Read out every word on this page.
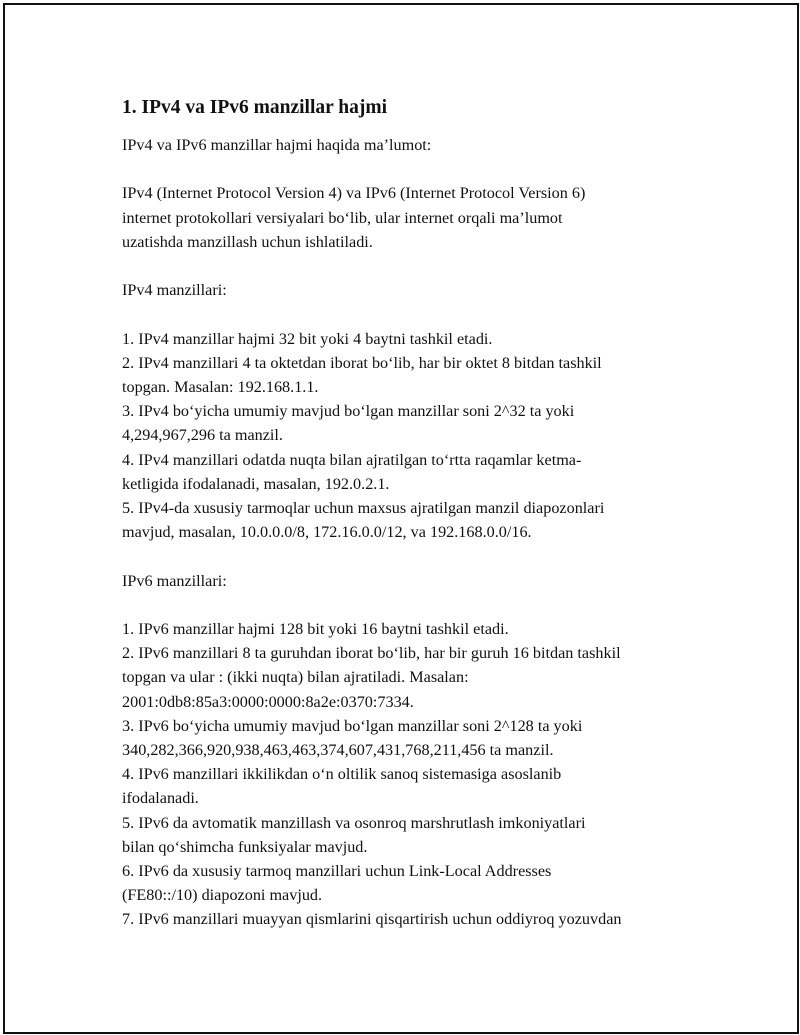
1. IPv4 va IPv6 manzillar hajmi

IPv4 va IPv6 manzillar hajmi haqida ma’lumot:

IPv4 (Internet Protocol Version 4) va IPv6 (Internet Protocol Version 6)

internet protokollari versiyalari bo‘lib, ular internet orqali ma’lumot

uzatishda manzillash uchun ishlatiladi.

IPv4 manzillari:

1. IPv4 manzillar hajmi 32 bit yoki 4 baytni tashkil etadi.

2. IPv4 manzillari 4 ta oktetdan iborat bo‘lib, har bir oktet 8 bitdan tashkil

topgan. Masalan: 192.168.1.1.

3. IPv4 bo‘yicha umumiy mavjud bo‘lgan manzillar soni 2^32 ta yoki

4,294,967,296 ta manzil.

4. IPv4 manzillari odatda nuqta bilan ajratilgan to‘rtta raqamlar ketma-

ketligida ifodalanadi, masalan, 192.0.2.1.

5. IPv4-da xususiy tarmoqlar uchun maxsus ajratilgan manzil diapozonlari

mavjud, masalan, 10.0.0.0/8, 172.16.0.0/12, va 192.168.0.0/16.

IPv6 manzillari:

1. IPv6 manzillar hajmi 128 bit yoki 16 baytni tashkil etadi.

2. IPv6 manzillari 8 ta guruhdan iborat bo‘lib, har bir guruh 16 bitdan tashkil

topgan va ular : (ikki nuqta) bilan ajratiladi. Masalan:

2001:0db8:85a3:0000:0000:8a2e:0370:7334.

3. IPv6 bo‘yicha umumiy mavjud bo‘lgan manzillar soni 2^128 ta yoki

340,282,366,920,938,463,463,374,607,431,768,211,456 ta manzil.

4. IPv6 manzillari ikkilikdan o‘n oltilik sanoq sistemasiga asoslanib

ifodalanadi.

5. IPv6 da avtomatik manzillash va osonroq marshrutlash imkoniyatlari

bilan qo‘shimcha funksiyalar mavjud.

6. IPv6 da xususiy tarmoq manzillari uchun Link-Local Addresses

(FE80::/10) diapozoni mavjud.

7. IPv6 manzillari muayyan qismlarini qisqartirish uchun oddiyroq yozuvdan
